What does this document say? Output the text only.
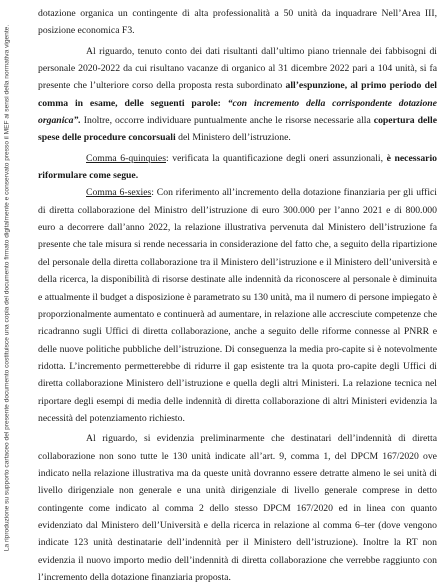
La riproduzione su supporto cartaceo del presente documento costituisce una copia del documento firmato digitalmente e conservato presso il MEF ai sensi della normativa vigente.

dotazione organica un contingente di alta professionalità a 50 unità da inquadrare Nell’Area III, posizione economica F3.

Al riguardo, tenuto conto dei dati risultanti dall’ultimo piano triennale dei fabbisogni di personale 2020-2022 da cui risultano vacanze di organico al 31 dicembre 2022 pari a 104 unità, si fa presente che l’ulteriore corso della proposta resta subordinato all’espunzione, al primo periodo del comma in esame, delle seguenti parole: “con incremento della corrispondente dotazione organica”. Inoltre, occorre individuare puntualmente anche le risorse necessarie alla copertura delle spese delle procedure concorsuali del Ministero dell’istruzione.

Comma 6-quinquies: verificata la quantificazione degli oneri assunzionali, è necessario riformulare come segue.

Comma 6-sexies: Con riferimento all’incremento della dotazione finanziaria per gli uffici di diretta collaborazione del Ministro dell’istruzione di euro 300.000 per l’anno 2021 e di 800.000 euro a decorrere dall’anno 2022, la relazione illustrativa pervenuta dal Ministero dell’istruzione fa presente che tale misura si rende necessaria in considerazione del fatto che, a seguito della ripartizione del personale della diretta collaborazione tra il Ministero dell’istruzione e il Ministero dell’università e della ricerca, la disponibilità di risorse destinate alle indennità da riconoscere al personale è diminuita e attualmente il budget a disposizione è parametrato su 130 unità, ma il numero di persone impiegato è proporzionalmente aumentato e continuerà ad aumentare, in relazione alle accresciute competenze che ricadranno sugli Uffici di diretta collaborazione, anche a seguito delle riforme connesse al PNRR e delle nuove politiche pubbliche dell’istruzione. Di conseguenza la media pro-capite si è notevolmente ridotta. L’incremento permetterebbe di ridurre il gap esistente tra la quota pro-capite degli Uffici di diretta collaborazione Ministero dell’istruzione e quella degli altri Ministeri. La relazione tecnica nel riportare degli esempi di media delle indennità di diretta collaborazione di altri Ministeri evidenzia la necessità del potenziamento richiesto.

Al riguardo, si evidenzia preliminarmente che destinatari dell’indennità di diretta collaborazione non sono tutte le 130 unità indicate all’art. 9, comma 1, del DPCM 167/2020 ove indicato nella relazione illustrativa ma da queste unità dovranno essere detratte almeno le sei unità di livello dirigenziale non generale e una unità dirigenziale di livello generale comprese in detto contingente come indicato al comma 2 dello stesso DPCM 167/2020 ed in linea con quanto evidenziato dal Ministero dell’Università e della ricerca in relazione al comma 6–ter (dove vengono indicate 123 unità destinatarie dell’indennità per il Ministero dell’istruzione). Inoltre la RT non evidenzia il nuovo importo medio dell’indennità di diretta collaborazione che verrebbe raggiunto con l’incremento della dotazione finanziaria proposta.
